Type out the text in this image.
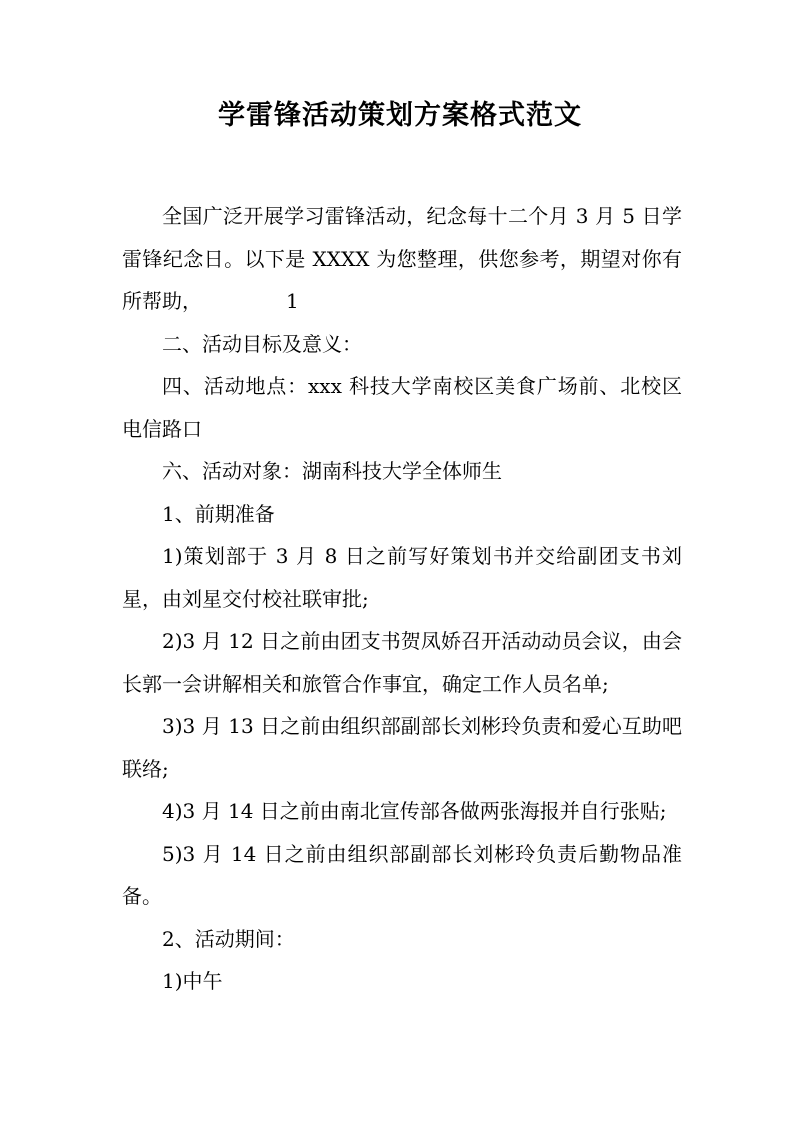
学雷锋活动策划方案格式范文

全国广泛开展学习雷锋活动，纪念每十二个月 3 月 5 日学雷锋纪念日。以下是 XXXX 为您整理，供您参考，期望对你有所帮助，	1

二、活动目标及意义：

四、活动地点：xxx 科技大学南校区美食广场前、北校区电信路口

六、活动对象：湖南科技大学全体师生

1、前期准备

1)策划部于 3 月 8 日之前写好策划书并交给副团支书刘星，由刘星交付校社联审批;

2)3 月 12 日之前由团支书贺凤娇召开活动动员会议，由会长郭一会讲解相关和旅管合作事宜，确定工作人员名单;

3)3 月 13 日之前由组织部副部长刘彬玲负责和爱心互助吧联络;

4)3 月 14 日之前由南北宣传部各做两张海报并自行张贴;

5)3 月 14 日之前由组织部副部长刘彬玲负责后勤物品准备。

2、活动期间：

1)中午
